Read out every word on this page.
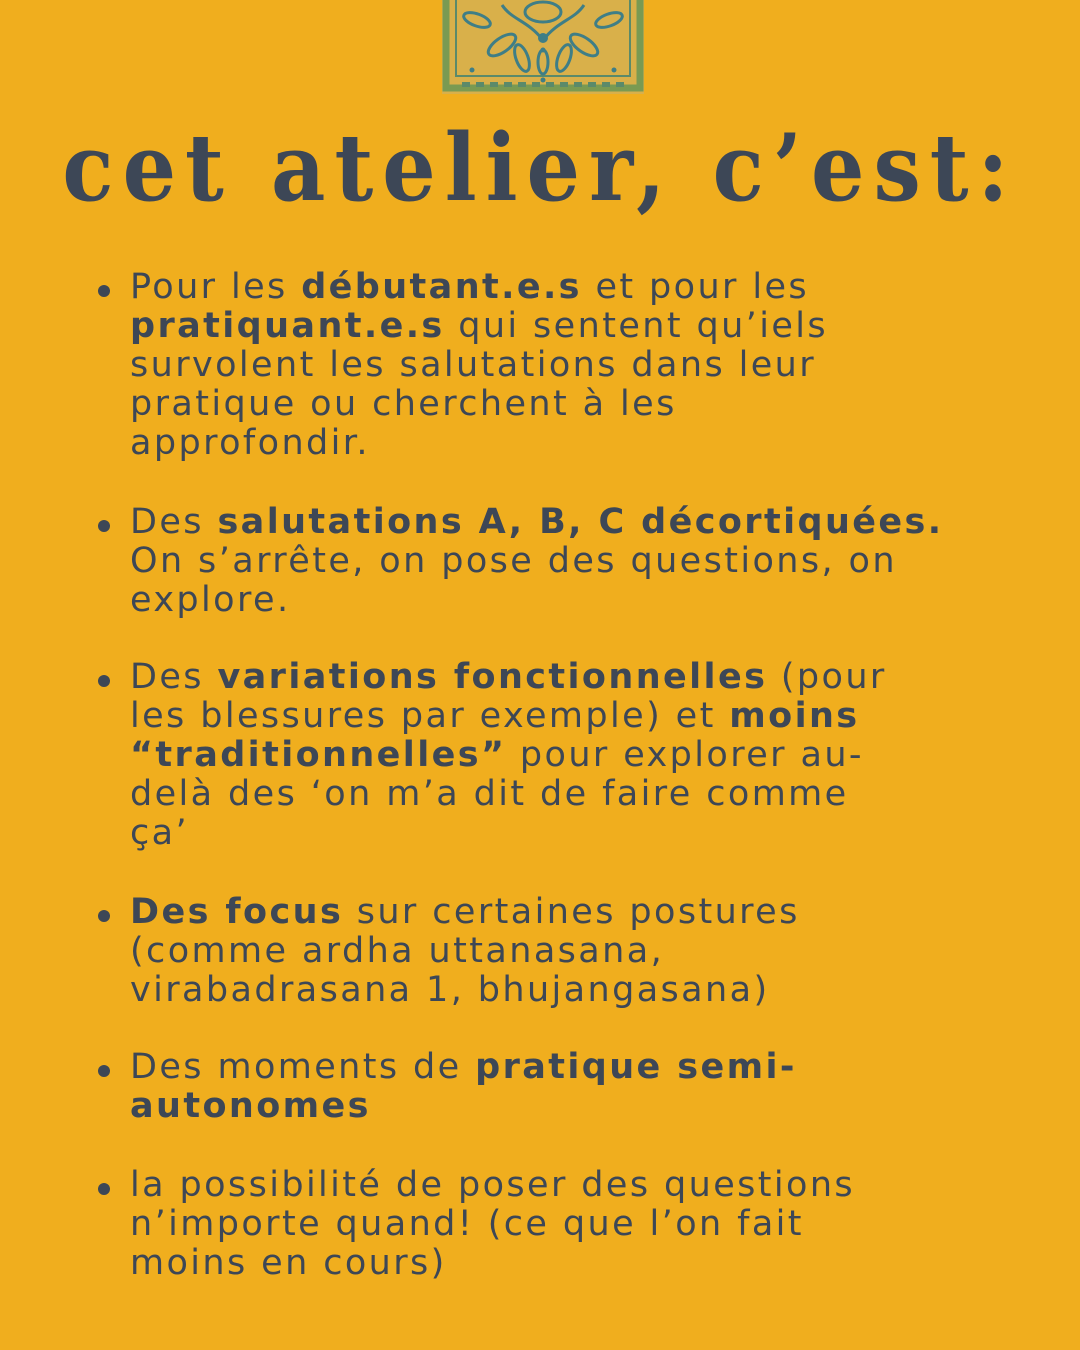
cet atelier, c’est:
Pour les débutant.e.s et pour les
pratiquant.e.s qui sentent qu’iels
survolent les salutations dans leur
pratique ou cherchent à les
approfondir.
Des salutations A, B, C décortiquées.
On s’arrête, on pose des questions, on
explore.
Des variations fonctionnelles (pour
les blessures par exemple) et moins
“traditionnelles” pour explorer au-
delà des ‘on m’a dit de faire comme
ça’
Des focus sur certaines postures
(comme ardha uttanasana,
virabadrasana 1, bhujangasana)
Des moments de pratique semi-
autonomes
la possibilité de poser des questions
n’importe quand! (ce que l’on fait
moins en cours)
